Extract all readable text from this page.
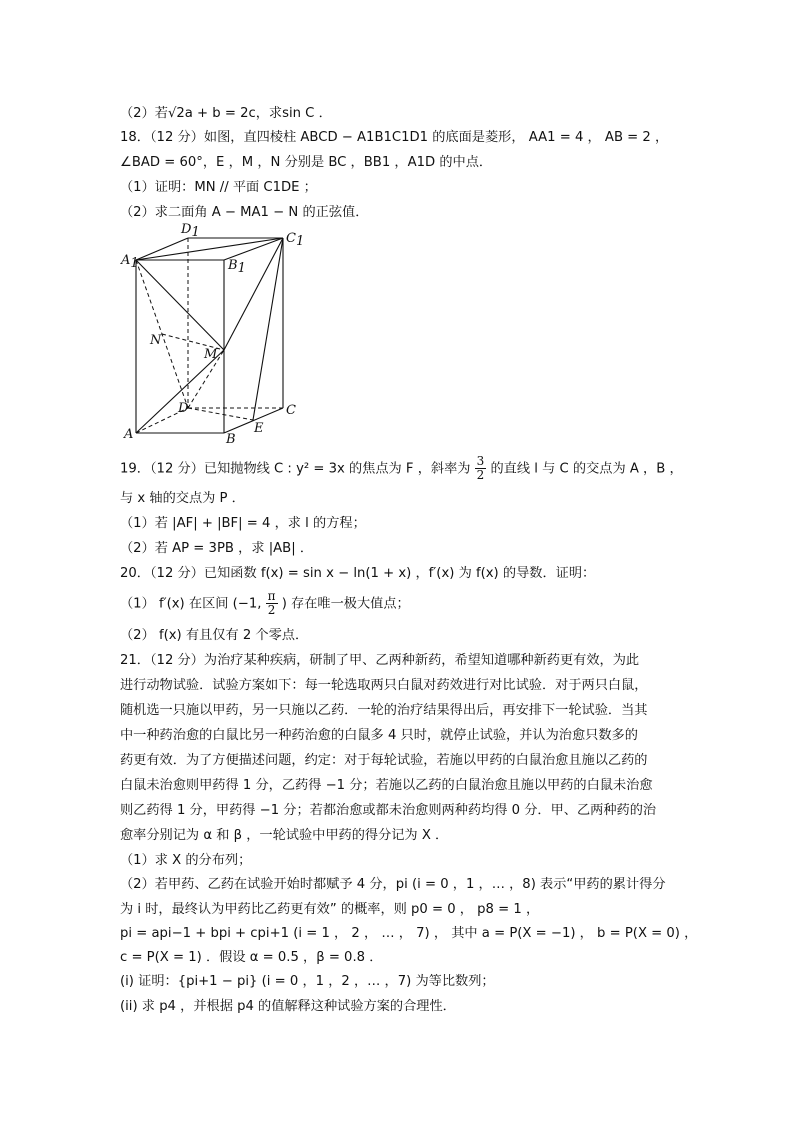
（2）若√2a + b = 2c，求sin C ．
18．（12 分）如图，直四棱柱 ABCD − A1B1C1D1 的底面是菱形， AA1 = 4 ， AB = 2 ，
∠BAD = 60°，E ，M ，N 分别是 BC ，BB1 ，A1D 的中点．
（1）证明：MN // 平面 C1DE ；
（2）求二面角 A − MA1 − N 的正弦值．
D1	C1
A1	B1
N
M
D	C
A	B
E
19．（12 分）已知抛物线 C : y² = 3x 的焦点为 F ，斜率为 $\frac{3}{2}$ 的直线 l 与 C 的交点为 A ，B ，
与 x 轴的交点为 P ．
（1）若 |AF| + |BF| = 4 ，求 l 的方程；
（2）若 AP = 3PB ，求 |AB| ．
20．（12 分）已知函数 f(x) = sin x − ln(1 + x) ，f′(x) 为 f(x) 的导数．证明：
（1） f′(x) 在区间 (−1, $\frac{\pi}{2}$ ) 存在唯一极大值点；
（2） f(x) 有且仅有 2 个零点．
21．（12 分）为治疗某种疾病，研制了甲、乙两种新药，希望知道哪种新药更有效，为此
进行动物试验．试验方案如下：每一轮选取两只白鼠对药效进行对比试验．对于两只白鼠，
随机选一只施以甲药，另一只施以乙药．一轮的治疗结果得出后，再安排下一轮试验．当其
中一种药治愈的白鼠比另一种药治愈的白鼠多 4 只时，就停止试验，并认为治愈只数多的
药更有效．为了方便描述问题，约定：对于每轮试验，若施以甲药的白鼠治愈且施以乙药的
白鼠未治愈则甲药得 1 分，乙药得 −1 分；若施以乙药的白鼠治愈且施以甲药的白鼠未治愈
则乙药得 1 分，甲药得 −1 分；若都治愈或都未治愈则两种药均得 0 分．甲、乙两种药的治
愈率分别记为 α 和 β ，一轮试验中甲药的得分记为 X ．
（1）求 X 的分布列；
（2）若甲药、乙药在试验开始时都赋予 4 分，pi (i = 0 ，1 ，… ，8) 表示“甲药的累计得分
为 i 时，最终认为甲药比乙药更有效” 的概率，则 p0 = 0 ， p8 = 1 ，
pi = api−1 + bpi + cpi+1 (i = 1 ， 2 ， … ， 7) ， 其中 a = P(X = −1) ， b = P(X = 0) ，
c = P(X = 1) ．假设 α = 0.5 ，β = 0.8 ．
(i) 证明：{pi+1 − pi} (i = 0 ，1 ，2 ，… ，7) 为等比数列；
(ii) 求 p4 ，并根据 p4 的值解释这种试验方案的合理性．
